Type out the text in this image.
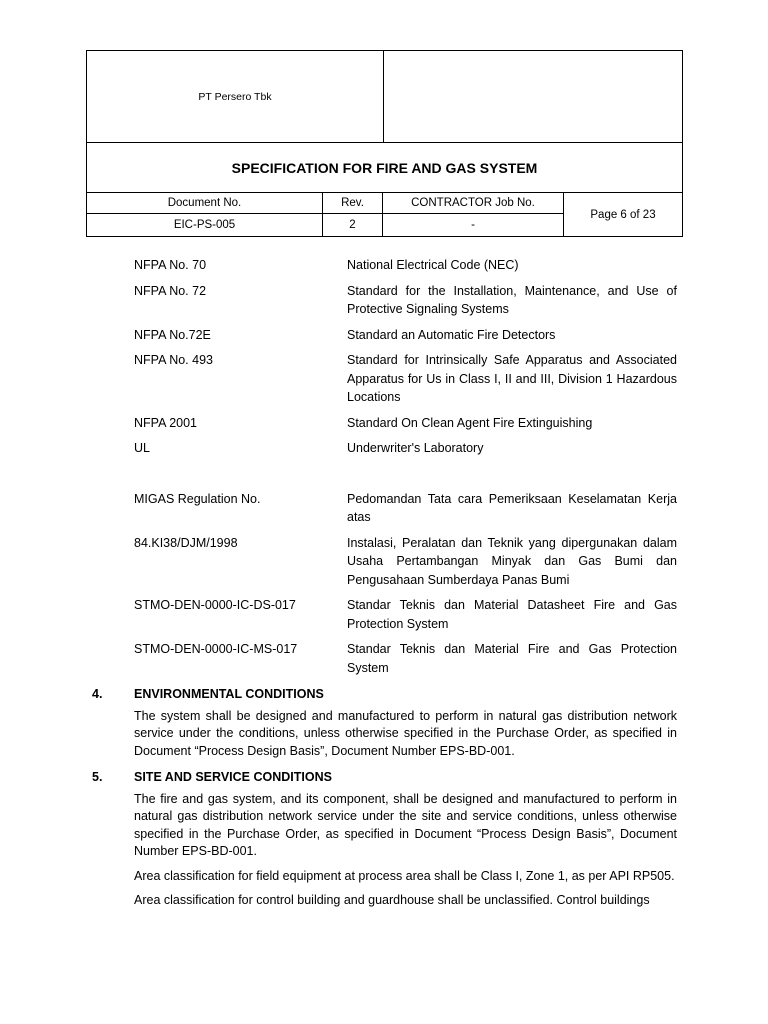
PT Persero Tbk
SPECIFICATION FOR FIRE AND GAS SYSTEM
Document No.	Rev.	CONTRACTOR Job No.
Page 6 of 23
EIC-PS-005	2	-
NFPA No. 70	National Electrical Code (NEC)
NFPA No. 72	Standard for the Installation, Maintenance, and Use of Protective Signaling Systems
NFPA No.72E	Standard an Automatic Fire Detectors
NFPA No. 493	Standard for Intrinsically Safe Apparatus and Associated Apparatus for Us in Class I, II and III, Division 1 Hazardous Locations
NFPA 2001	Standard On Clean Agent Fire Extinguishing
UL	Underwriter's Laboratory
MIGAS Regulation No.	Pedomandan Tata cara Pemeriksaan Keselamatan Kerja atas
84.KI38/DJM/1998	Instalasi, Peralatan dan Teknik yang dipergunakan dalam Usaha Pertambangan Minyak dan Gas Bumi dan Pengusahaan Sumberdaya Panas Bumi
STMO-DEN-0000-IC-DS-017	Standar Teknis dan Material Datasheet Fire and Gas Protection System
STMO-DEN-0000-IC-MS-017	Standar Teknis dan Material Fire and Gas Protection System
4.	ENVIRONMENTAL CONDITIONS

The system shall be designed and manufactured to perform in natural gas distribution network service under the conditions, unless otherwise specified in the Purchase Order, as specified in Document “Process Design Basis”, Document Number EPS-BD-001.

5.	SITE AND SERVICE CONDITIONS

The fire and gas system, and its component, shall be designed and manufactured to perform in natural gas distribution network service under the site and service conditions, unless otherwise specified in the Purchase Order, as specified in Document “Process Design Basis”, Document Number EPS-BD-001.

Area classification for field equipment at process area shall be Class I, Zone 1, as per API RP505.

Area classification for control building and guardhouse shall be unclassified. Control buildings
